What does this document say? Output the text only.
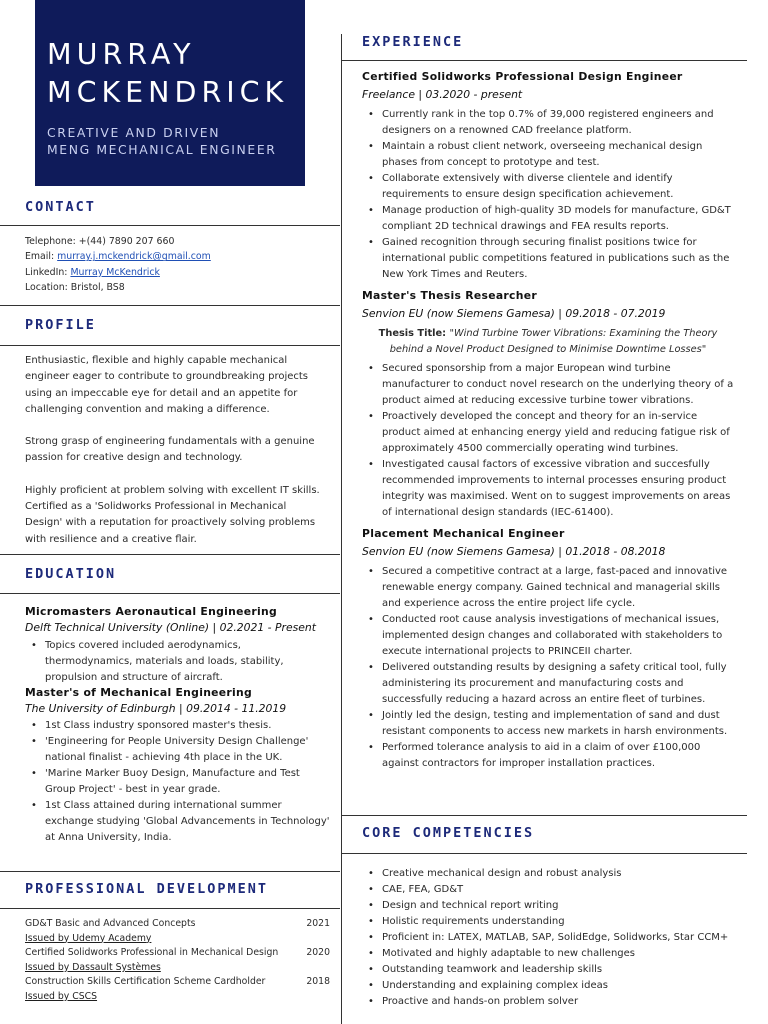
MURRAY
MCKENDRICK
CREATIVE AND DRIVEN
MENG MECHANICAL ENGINEER
CONTACT
Telephone: +(44) 7890 207 660
Email: murray.j.mckendrick@gmail.com
LinkedIn: Murray McKendrick
Location: Bristol, BS8
PROFILE

Enthusiastic, flexible and highly capable mechanical engineer eager to contribute to groundbreaking projects using an impeccable eye for detail and an appetite for challenging convention and making a difference.

Strong grasp of engineering fundamentals with a genuine passion for creative design and technology.

Highly proficient at problem solving with excellent IT skills. Certified as a 'Solidworks Professional in Mechanical Design' with a reputation for proactively solving problems with resilience and a creative flair.

EDUCATION
Micromasters Aeronautical Engineering
Delft Technical University (Online) | 02.2021 - Present
• Topics covered included aerodynamics, thermodynamics, materials and loads, stability, propulsion and structure of aircraft.
Master's of Mechanical Engineering
The University of Edinburgh | 09.2014 - 11.2019
• 1st Class industry sponsored master's thesis.
• 'Engineering for People University Design Challenge' national finalist - achieving 4th place in the UK.
• 'Marine Marker Buoy Design, Manufacture and Test Group Project' - best in year grade.
• 1st Class attained during international summer exchange studying 'Global Advancements in Technology' at Anna University, India.
PROFESSIONAL DEVELOPMENT
GD&T Basic and Advanced Concepts	2021
Issued by Udemy Academy
Certified Solidworks Professional in Mechanical Design	2020
Issued by Dassault Systèmes
Construction Skills Certification Scheme Cardholder	2018
Issued by CSCS
EXPERIENCE
Certified Solidworks Professional Design Engineer
Freelance | 03.2020 - present
• Currently rank in the top 0.7% of 39,000 registered engineers and designers on a renowned CAD freelance platform.
• Maintain a robust client network, overseeing mechanical design phases from concept to prototype and test.
• Collaborate extensively with diverse clientele and identify requirements to ensure design specification achievement.
• Manage production of high-quality 3D models for manufacture, GD&T compliant 2D technical drawings and FEA results reports.
• Gained recognition through securing finalist positions twice for international public competitions featured in publications such as the New York Times and Reuters.
Master's Thesis Researcher
Senvion EU (now Siemens Gamesa) | 09.2018 - 07.2019
Thesis Title: "Wind Turbine Tower Vibrations: Examining the Theory
behind a Novel Product Designed to Minimise Downtime Losses"
• Secured sponsorship from a major European wind turbine manufacturer to conduct novel research on the underlying theory of a product aimed at reducing excessive turbine tower vibrations.
• Proactively developed the concept and theory for an in-service product aimed at enhancing energy yield and reducing fatigue risk of approximately 4500 commercially operating wind turbines.
• Investigated causal factors of excessive vibration and succesfully recommended improvements to internal processes ensuring product integrity was maximised. Went on to suggest improvements on areas of international design standards (IEC-61400).
Placement Mechanical Engineer
Senvion EU (now Siemens Gamesa) | 01.2018 - 08.2018
• Secured a competitive contract at a large, fast-paced and innovative renewable energy company. Gained technical and managerial skills and experience across the entire project life cycle.
• Conducted root cause analysis investigations of mechanical issues, implemented design changes and collaborated with stakeholders to execute international projects to PRINCEII charter.
• Delivered outstanding results by designing a safety critical tool, fully administering its procurement and manufacturing costs and successfully reducing a hazard across an entire fleet of turbines.
• Jointly led the design, testing and implementation of sand and dust resistant components to access new markets in harsh environments.
• Performed tolerance analysis to aid in a claim of over £100,000 against contractors for improper installation practices.
CORE COMPETENCIES
• Creative mechanical design and robust analysis
• CAE, FEA, GD&T
• Design and technical report writing
• Holistic requirements understanding
• Proficient in: LATEX, MATLAB, SAP, SolidEdge, Solidworks, Star CCM+
• Motivated and highly adaptable to new challenges
• Outstanding teamwork and leadership skills
• Understanding and explaining complex ideas
• Proactive and hands-on problem solver
